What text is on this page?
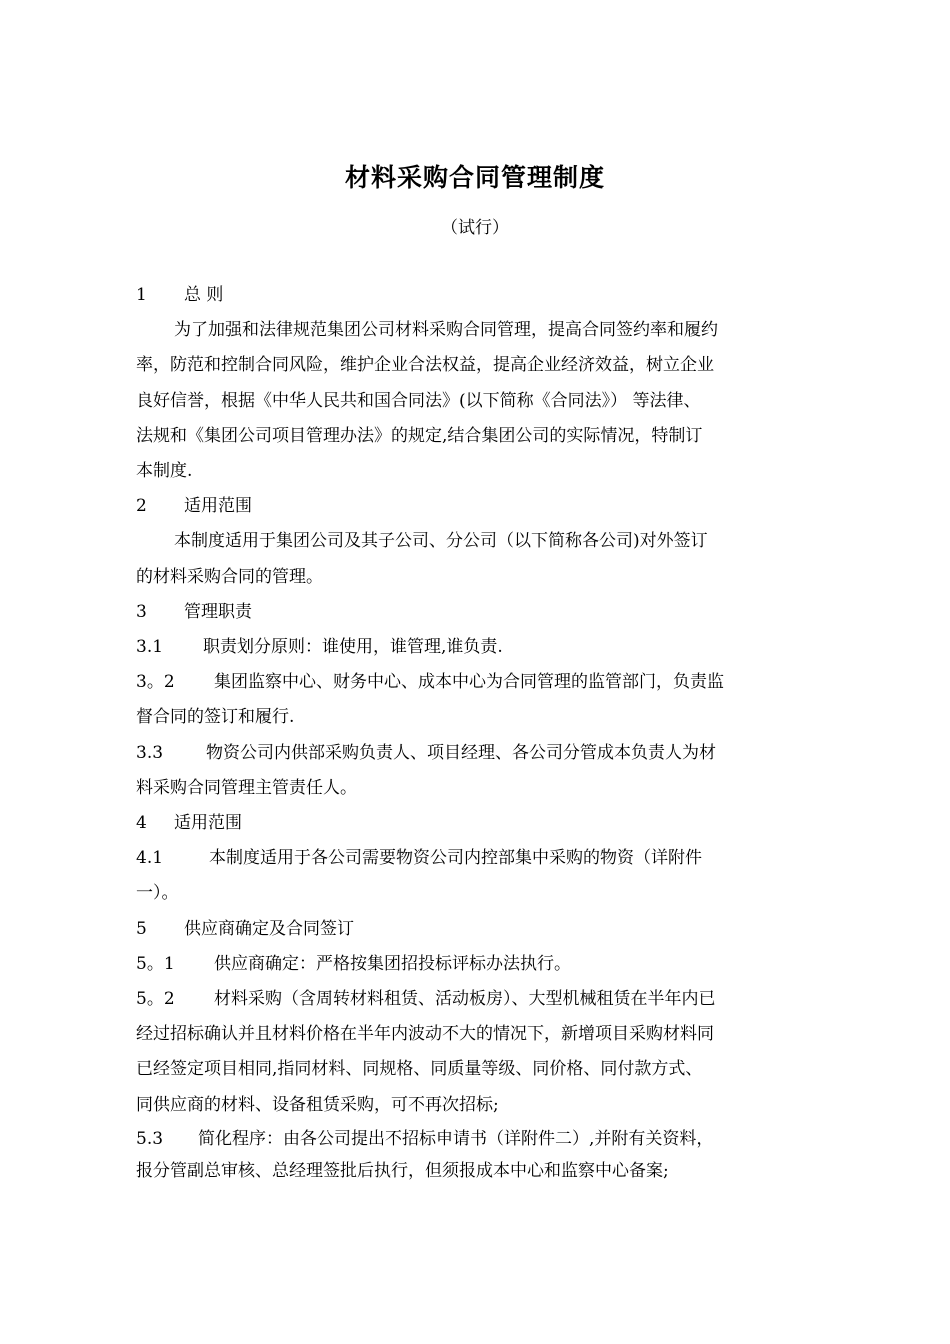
材料采购合同管理制度
（试行）
1 总 则
为了加强和法律规范集团公司材料采购合同管理，提高合同签约率和履约
率，防范和控制合同风险，维护企业合法权益，提高企业经济效益，树立企业
良好信誉，根据《中华人民共和国合同法》(以下简称《合同法》） 等法律、
法规和《集团公司项目管理办法》的规定,结合集团公司的实际情况，特制订
本制度.
2 适用范围
本制度适用于集团公司及其子公司、分公司（以下简称各公司)对外签订
的材料采购合同的管理。
3 管理职责
3.1 职责划分原则：谁使用，谁管理,谁负责.
3。2 集团监察中心、财务中心、成本中心为合同管理的监管部门，负责监
督合同的签订和履行.
3.3	物资公司内供部采购负责人、项目经理、各公司分管成本负责人为材
料采购合同管理主管责任人。
4 适用范围
4.1	本制度适用于各公司需要物资公司内控部集中采购的物资（详附件
一）。
5 供应商确定及合同签订
5。1 供应商确定：严格按集团招投标评标办法执行。
5。2 材料采购（含周转材料租赁、活动板房）、大型机械租赁在半年内已
经过招标确认并且材料价格在半年内波动不大的情况下，新增项目采购材料同
已经签定项目相同,指同材料、同规格、同质量等级、同价格、同付款方式、
同供应商的材料、设备租赁采购，可不再次招标;
5.3 简化程序：由各公司提出不招标申请书（详附件二）,并附有关资料，
报分管副总审核、总经理签批后执行，但须报成本中心和监察中心备案;
